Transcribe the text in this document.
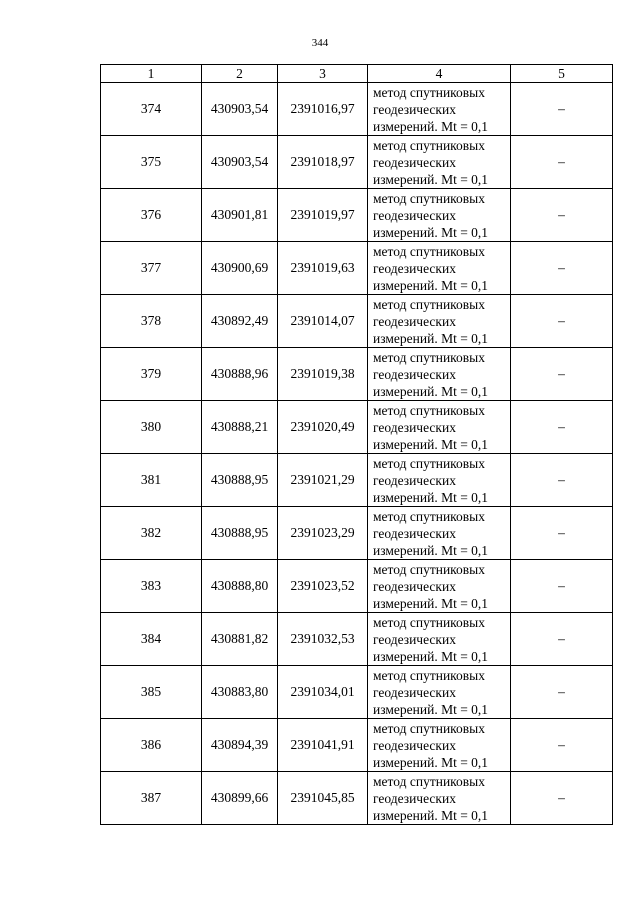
344
1	2	3	4	5
374	430903,54	2391016,97	метод спутниковых
геодезических
измерений. Mt = 0,1	–
375	430903,54	2391018,97	метод спутниковых
геодезических
измерений. Mt = 0,1	–
376	430901,81	2391019,97	метод спутниковых
геодезических
измерений. Mt = 0,1	–
377	430900,69	2391019,63	метод спутниковых
геодезических
измерений. Mt = 0,1	–
378	430892,49	2391014,07	метод спутниковых
геодезических
измерений. Mt = 0,1	–
379	430888,96	2391019,38	метод спутниковых
геодезических
измерений. Mt = 0,1	–
380	430888,21	2391020,49	метод спутниковых
геодезических
измерений. Mt = 0,1	–
381	430888,95	2391021,29	метод спутниковых
геодезических
измерений. Mt = 0,1	–
382	430888,95	2391023,29	метод спутниковых
геодезических
измерений. Mt = 0,1	–
383	430888,80	2391023,52	метод спутниковых
геодезических
измерений. Mt = 0,1	–
384	430881,82	2391032,53	метод спутниковых
геодезических
измерений. Mt = 0,1	–
385	430883,80	2391034,01	метод спутниковых
геодезических
измерений. Mt = 0,1	–
386	430894,39	2391041,91	метод спутниковых
геодезических
измерений. Mt = 0,1	–
387	430899,66	2391045,85	метод спутниковых
геодезических
измерений. Mt = 0,1	–
